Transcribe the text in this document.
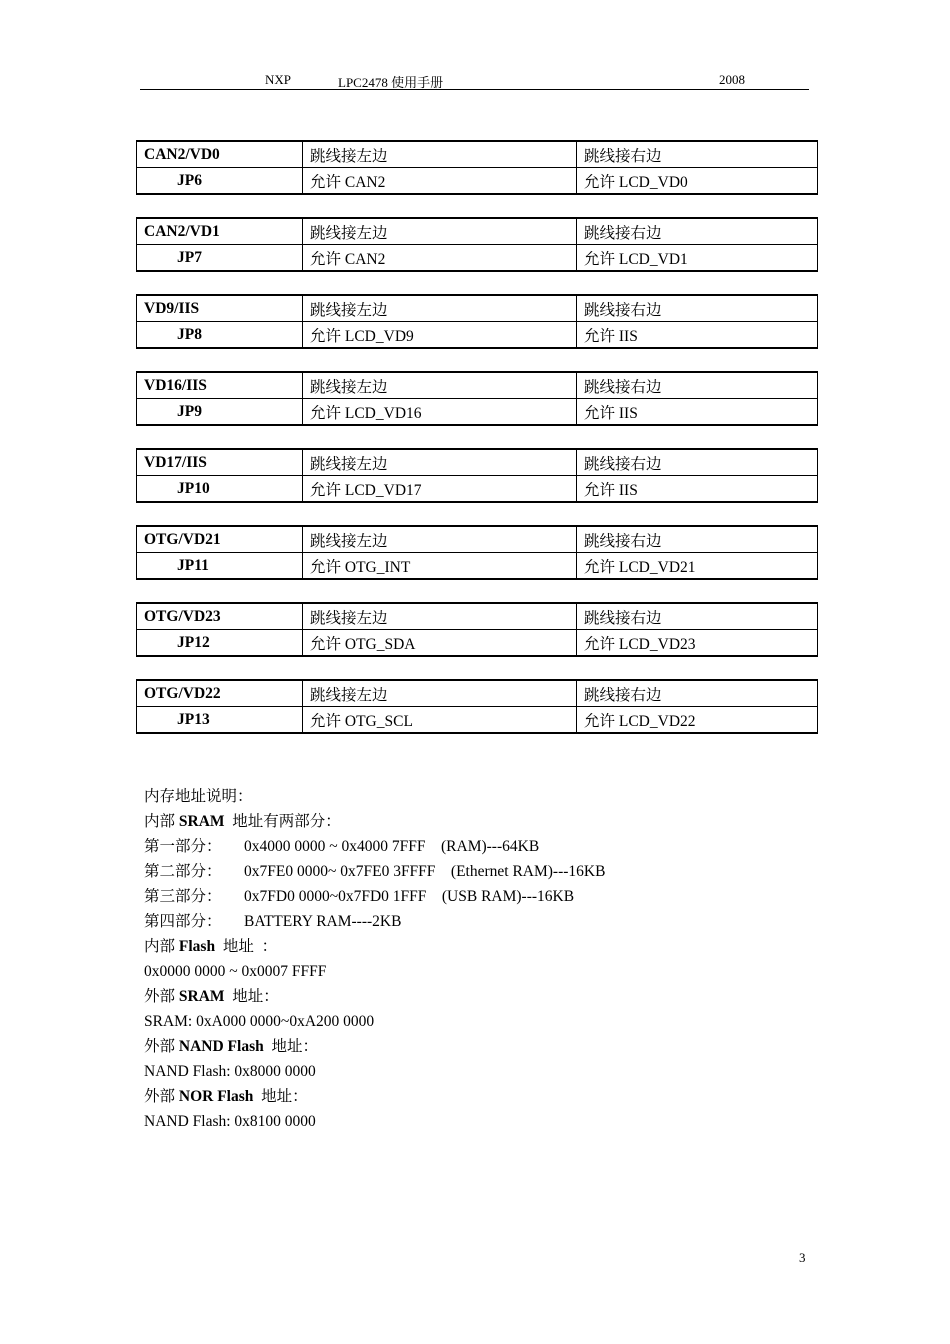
NXP	LPC2478 使用手册	2008
CAN2/VD0	跳线接左边	跳线接右边
JP6	允许 CAN2	允许 LCD_VD0
CAN2/VD1	跳线接左边	跳线接右边
JP7	允许 CAN2	允许 LCD_VD1
VD9/IIS	跳线接左边	跳线接右边
JP8	允许 LCD_VD9	允许 IIS
VD16/IIS	跳线接左边	跳线接右边
JP9	允许 LCD_VD16	允许 IIS
VD17/IIS	跳线接左边	跳线接右边
JP10	允许 LCD_VD17	允许 IIS
OTG/VD21	跳线接左边	跳线接右边
JP11	允许 OTG_INT	允许 LCD_VD21
OTG/VD23	跳线接左边	跳线接右边
JP12	允许 OTG_SDA	允许 LCD_VD23
OTG/VD22	跳线接左边	跳线接右边
JP13	允许 OTG_SCL	允许 LCD_VD22
内存地址说明：
内部 SRAM  地址有两部分：
第一部分： 0x4000 0000 ~ 0x4000 7FFF    (RAM)---64KB
第二部分： 0x7FE0 0000~ 0x7FE0 3FFFF    (Ethernet RAM)---16KB
第三部分： 0x7FD0 0000~0x7FD0 1FFF    (USB RAM)---16KB
第四部分： BATTERY RAM----2KB
内部 Flash  地址  ：
0x0000 0000 ~ 0x0007 FFFF
外部 SRAM  地址：
SRAM: 0xA000 0000~0xA200 0000
外部 NAND Flash  地址：
NAND Flash: 0x8000 0000
外部 NOR Flash  地址：
NAND Flash: 0x8100 0000
3
